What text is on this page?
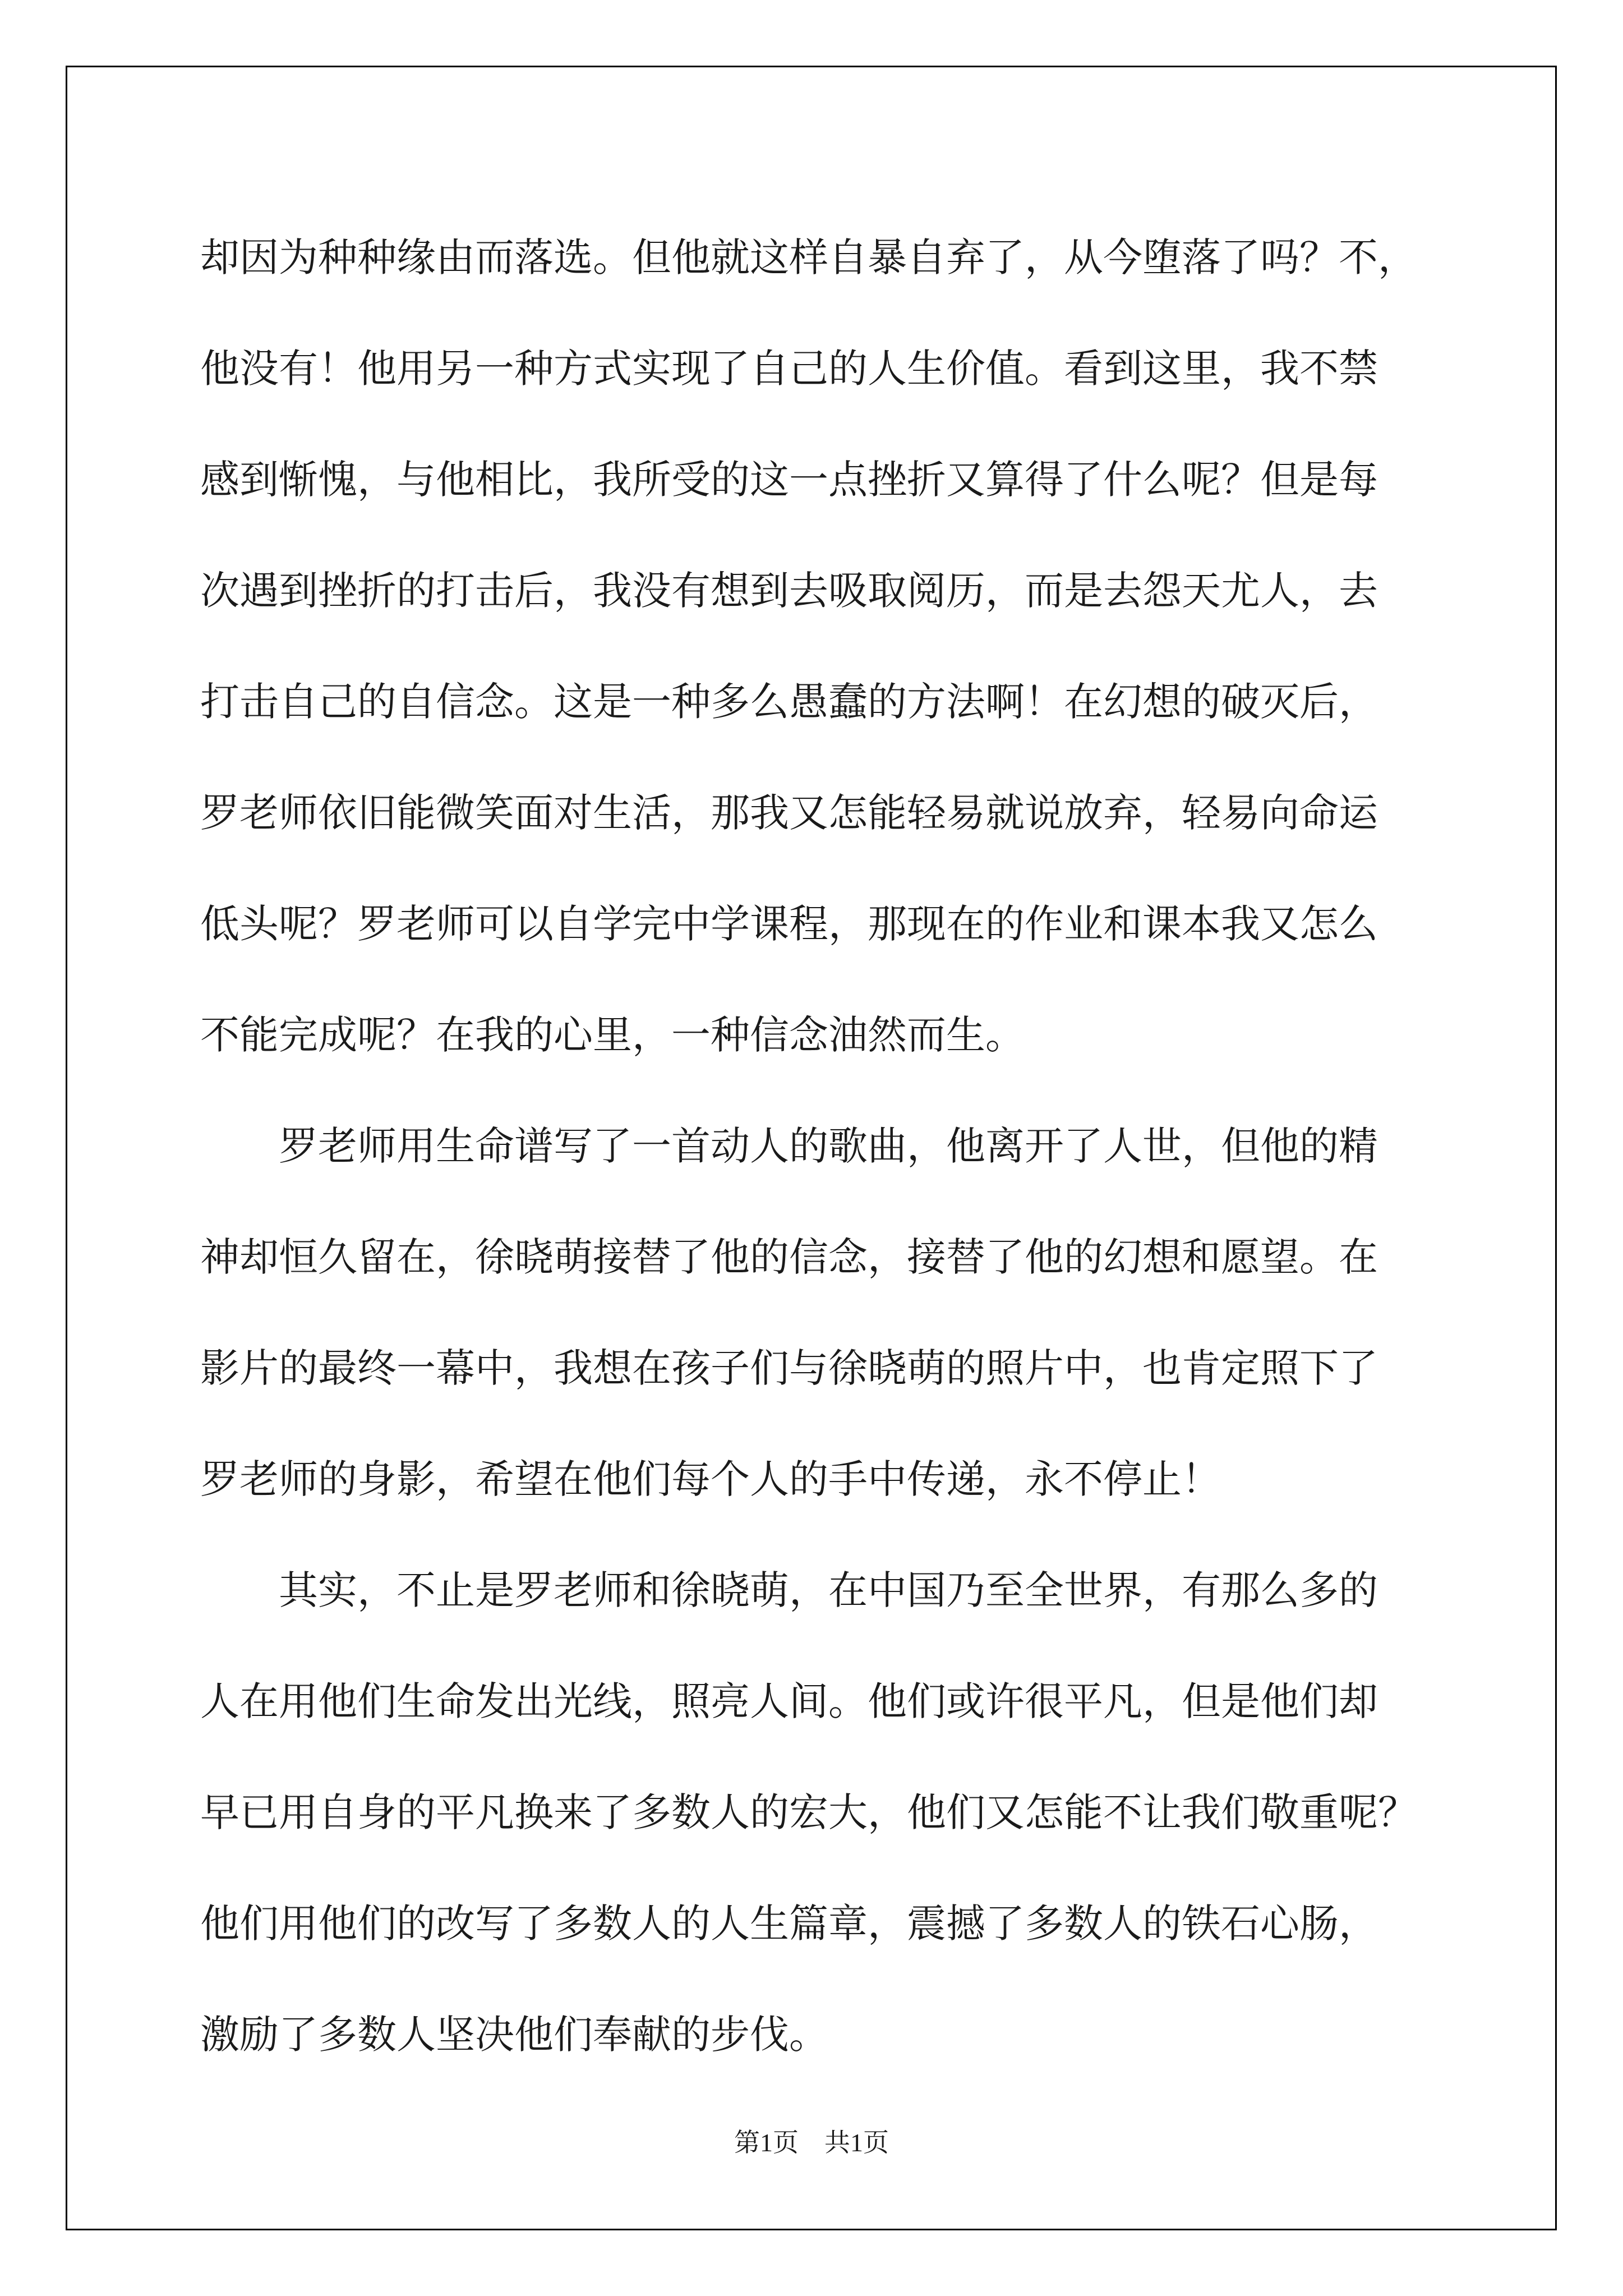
却因为种种缘由而落选。但他就这样自暴自弃了，从今堕落了吗？不，
他没有！他用另一种方式实现了自己的人生价值。看到这里，我不禁
感到惭愧，与他相比，我所受的这一点挫折又算得了什么呢？但是每
次遇到挫折的打击后，我没有想到去吸取阅历，而是去怨天尤人，去
打击自己的自信念。这是一种多么愚蠢的方法啊！在幻想的破灭后，
罗老师依旧能微笑面对生活，那我又怎能轻易就说放弃，轻易向命运
低头呢？罗老师可以自学完中学课程，那现在的作业和课本我又怎么
不能完成呢？在我的心里，一种信念油然而生。
　　罗老师用生命谱写了一首动人的歌曲，他离开了人世，但他的精
神却恒久留在，徐晓萌接替了他的信念，接替了他的幻想和愿望。在
影片的最终一幕中，我想在孩子们与徐晓萌的照片中，也肯定照下了
罗老师的身影，希望在他们每个人的手中传递，永不停止！
　　其实，不止是罗老师和徐晓萌，在中国乃至全世界，有那么多的
人在用他们生命发出光线，照亮人间。他们或许很平凡，但是他们却
早已用自身的平凡换来了多数人的宏大，他们又怎能不让我们敬重呢？
他们用他们的改写了多数人的人生篇章，震撼了多数人的铁石心肠，
激励了多数人坚决他们奉献的步伐。
第1页 共1页
